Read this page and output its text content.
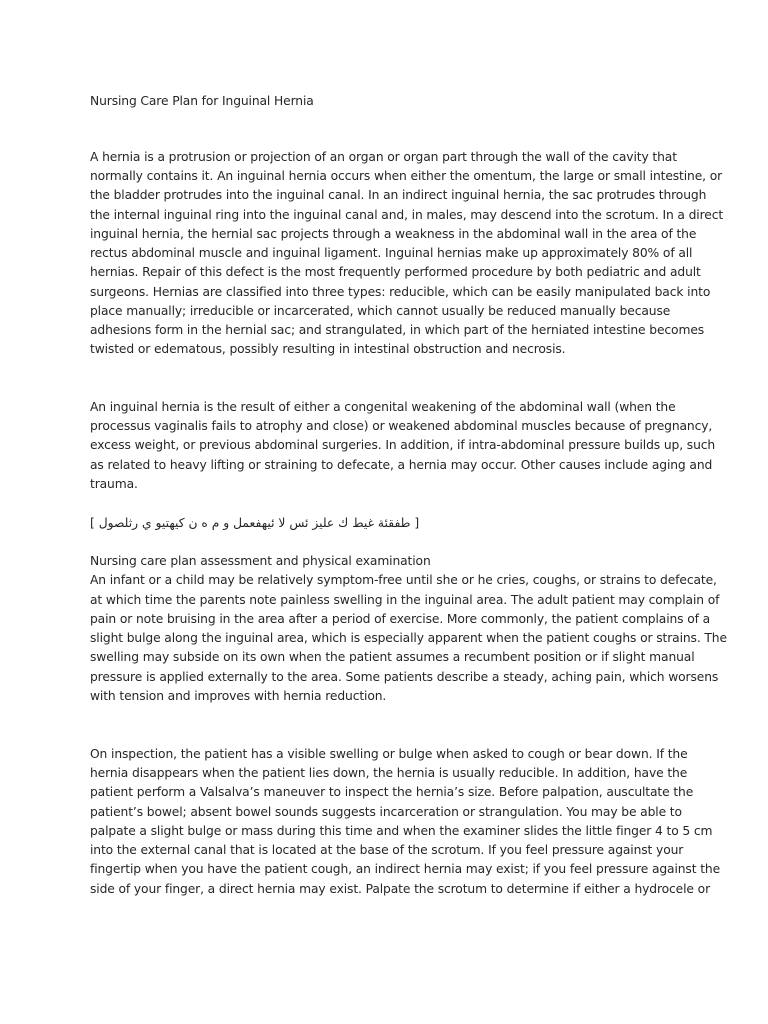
Nursing Care Plan for Inguinal Hernia
A hernia is a protrusion or projection of an organ or organ part through the wall of the cavity that
normally contains it. An inguinal hernia occurs when either the omentum, the large or small intestine, or
the bladder protrudes into the inguinal canal. In an indirect inguinal hernia, the sac protrudes through
the internal inguinal ring into the inguinal canal and, in males, may descend into the scrotum. In a direct
inguinal hernia, the hernial sac projects through a weakness in the abdominal wall in the area of the
rectus abdominal muscle and inguinal ligament. Inguinal hernias make up approximately 80% of all
hernias. Repair of this defect is the most frequently performed procedure by both pediatric and adult
surgeons. Hernias are classified into three types: reducible, which can be easily manipulated back into
place manually; irreducible or incarcerated, which cannot usually be reduced manually because
adhesions form in the hernial sac; and strangulated, in which part of the herniated intestine becomes
twisted or edematous, possibly resulting in intestinal obstruction and necrosis.
An inguinal hernia is the result of either a congenital weakening of the abdominal wall (when the
processus vaginalis fails to atrophy and close) or weakened abdominal muscles because of pregnancy,
excess weight, or previous abdominal surgeries. In addition, if intra-abdominal pressure builds up, such
as related to heavy lifting or straining to defecate, a hernia may occur. Other causes include aging and
trauma.
[ طفقئة غيط ك عليز ئس لا ئيهفعمل و م ه ن كيهتيو ي رثلصول ]
Nursing care plan assessment and physical examination
An infant or a child may be relatively symptom-free until she or he cries, coughs, or strains to defecate,
at which time the parents note painless swelling in the inguinal area. The adult patient may complain of
pain or note bruising in the area after a period of exercise. More commonly, the patient complains of a
slight bulge along the inguinal area, which is especially apparent when the patient coughs or strains. The
swelling may subside on its own when the patient assumes a recumbent position or if slight manual
pressure is applied externally to the area. Some patients describe a steady, aching pain, which worsens
with tension and improves with hernia reduction.
On inspection, the patient has a visible swelling or bulge when asked to cough or bear down. If the
hernia disappears when the patient lies down, the hernia is usually reducible. In addition, have the
patient perform a Valsalva’s maneuver to inspect the hernia’s size. Before palpation, auscultate the
patient’s bowel; absent bowel sounds suggests incarceration or strangulation. You may be able to
palpate a slight bulge or mass during this time and when the examiner slides the little finger 4 to 5 cm
into the external canal that is located at the base of the scrotum. If you feel pressure against your
fingertip when you have the patient cough, an indirect hernia may exist; if you feel pressure against the
side of your finger, a direct hernia may exist. Palpate the scrotum to determine if either a hydrocele or
